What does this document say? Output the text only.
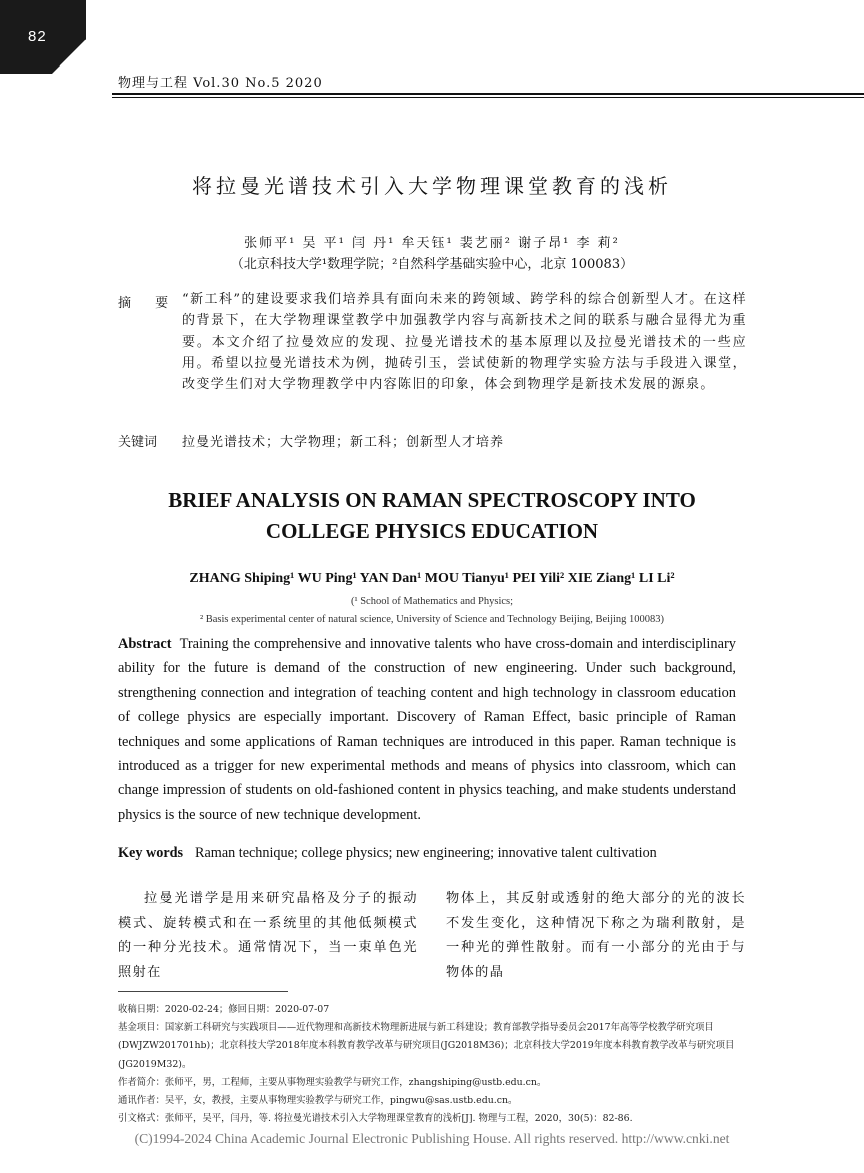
82
物理与工程 Vol.30 No.5 2020
将拉曼光谱技术引入大学物理课堂教育的浅析
张师平¹ 吴 平¹ 闫 丹¹ 牟天钰¹ 裴艺丽² 谢子昂¹ 李 莉²
（北京科技大学¹数理学院；²自然科学基础实验中心，北京 100083）
摘 要 “新工科”的建设要求我们培养具有面向未来的跨领域、跨学科的综合创新型人才。在这样的背景下，在大学物理课堂教学中加强教学内容与高新技术之间的联系与融合显得尤为重要。本文介绍了拉曼效应的发现、拉曼光谱技术的基本原理以及拉曼光谱技术的一些应用。希望以拉曼光谱技术为例，抛砖引玉，尝试使新的物理学实验方法与手段进入课堂，改变学生们对大学物理教学中内容陈旧的印象，体会到物理学是新技术发展的源泉。
关键词 拉曼光谱技术；大学物理；新工科；创新型人才培养
BRIEF ANALYSIS ON RAMAN SPECTROSCOPY INTO
COLLEGE PHYSICS EDUCATION
ZHANG Shiping¹ WU Ping¹ YAN Dan¹ MOU Tianyu¹ PEI Yili² XIE Ziang¹ LI Li²
(¹ School of Mathematics and Physics;
² Basis experimental center of natural science, University of Science and Technology Beijing, Beijing 100083)
Abstract Training the comprehensive and innovative talents who have cross-domain and interdisciplinary ability for the future is demand of the construction of new engineering. Under such background, strengthening connection and integration of teaching content and high technology in classroom education of college physics are especially important. Discovery of Raman Effect, basic principle of Raman techniques and some applications of Raman techniques are introduced in this paper. Raman technique is introduced as a trigger for new experimental methods and means of physics into classroom, which can change impression of students on old-fashioned content in physics teaching, and make students understand physics is the source of new technique development.
Key words Raman technique; college physics; new engineering; innovative talent cultivation
拉曼光谱学是用来研究晶格及分子的振动模式、旋转模式和在一系统里的其他低频模式的一种分光技术。通常情况下，当一束单色光照射在
物体上，其反射或透射的绝大部分的光的波长不发生变化，这种情况下称之为瑞利散射，是一种光的弹性散射。而有一小部分的光由于与物体的晶
收稿日期：2020-02-24；修回日期：2020-07-07
基金项目：国家新工科研究与实践项目——近代物理和高新技术物理新进展与新工科建设；教育部教学指导委员会2017年高等学校教学研究项目(DWJZW201701hb)；北京科技大学2018年度本科教育教学改革与研究项目(JG2018M36)；北京科技大学2019年度本科教育教学改革与研究项目(JG2019M32)。
作者简介：张师平，男，工程师，主要从事物理实验教学与研究工作，zhangshiping@ustb.edu.cn。
通讯作者：吴平，女，教授，主要从事物理实验教学与研究工作，pingwu@sas.ustb.edu.cn。
引文格式：张师平，吴平，闫丹，等. 将拉曼光谱技术引入大学物理课堂教育的浅析[J]. 物理与工程，2020，30(5)：82-86.
(C)1994-2024 China Academic Journal Electronic Publishing House. All rights reserved. http://www.cnki.net
